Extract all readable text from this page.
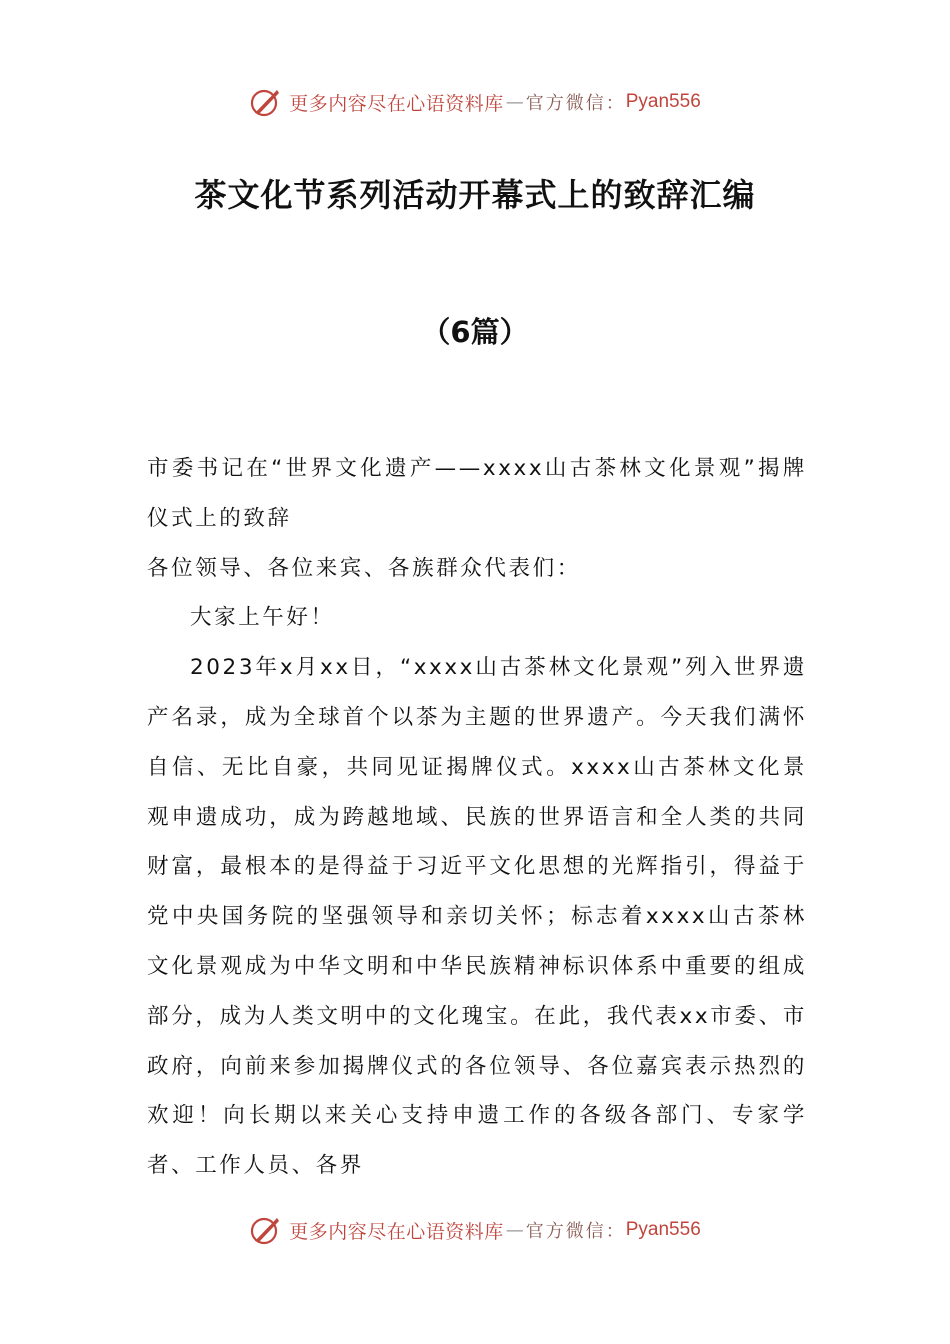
更多内容尽在心语资料库 — 官方微信： Pyan556
茶文化节系列活动开幕式上的致辞汇编
（6篇）

市委书记在“世界文化遗产——xxxx山古茶林文化景观”揭牌仪式上的致辞

各位领导、各位来宾、各族群众代表们：

大家上午好！

2023年x月xx日，“xxxx山古茶林文化景观”列入世界遗产名录，成为全球首个以茶为主题的世界遗产。今天我们满怀自信、无比自豪，共同见证揭牌仪式。xxxx山古茶林文化景观申遗成功，成为跨越地域、民族的世界语言和全人类的共同财富，最根本的是得益于习近平文化思想的光辉指引，得益于党中央国务院的坚强领导和亲切关怀；标志着xxxx山古茶林文化景观成为中华文明和中华民族精神标识体系中重要的组成部分，成为人类文明中的文化瑰宝。在此，我代表xx市委、市政府，向前来参加揭牌仪式的各位领导、各位嘉宾表示热烈的欢迎！向长期以来关心支持申遗工作的各级各部门、专家学者、工作人员、各界

更多内容尽在心语资料库 — 官方微信： Pyan556
